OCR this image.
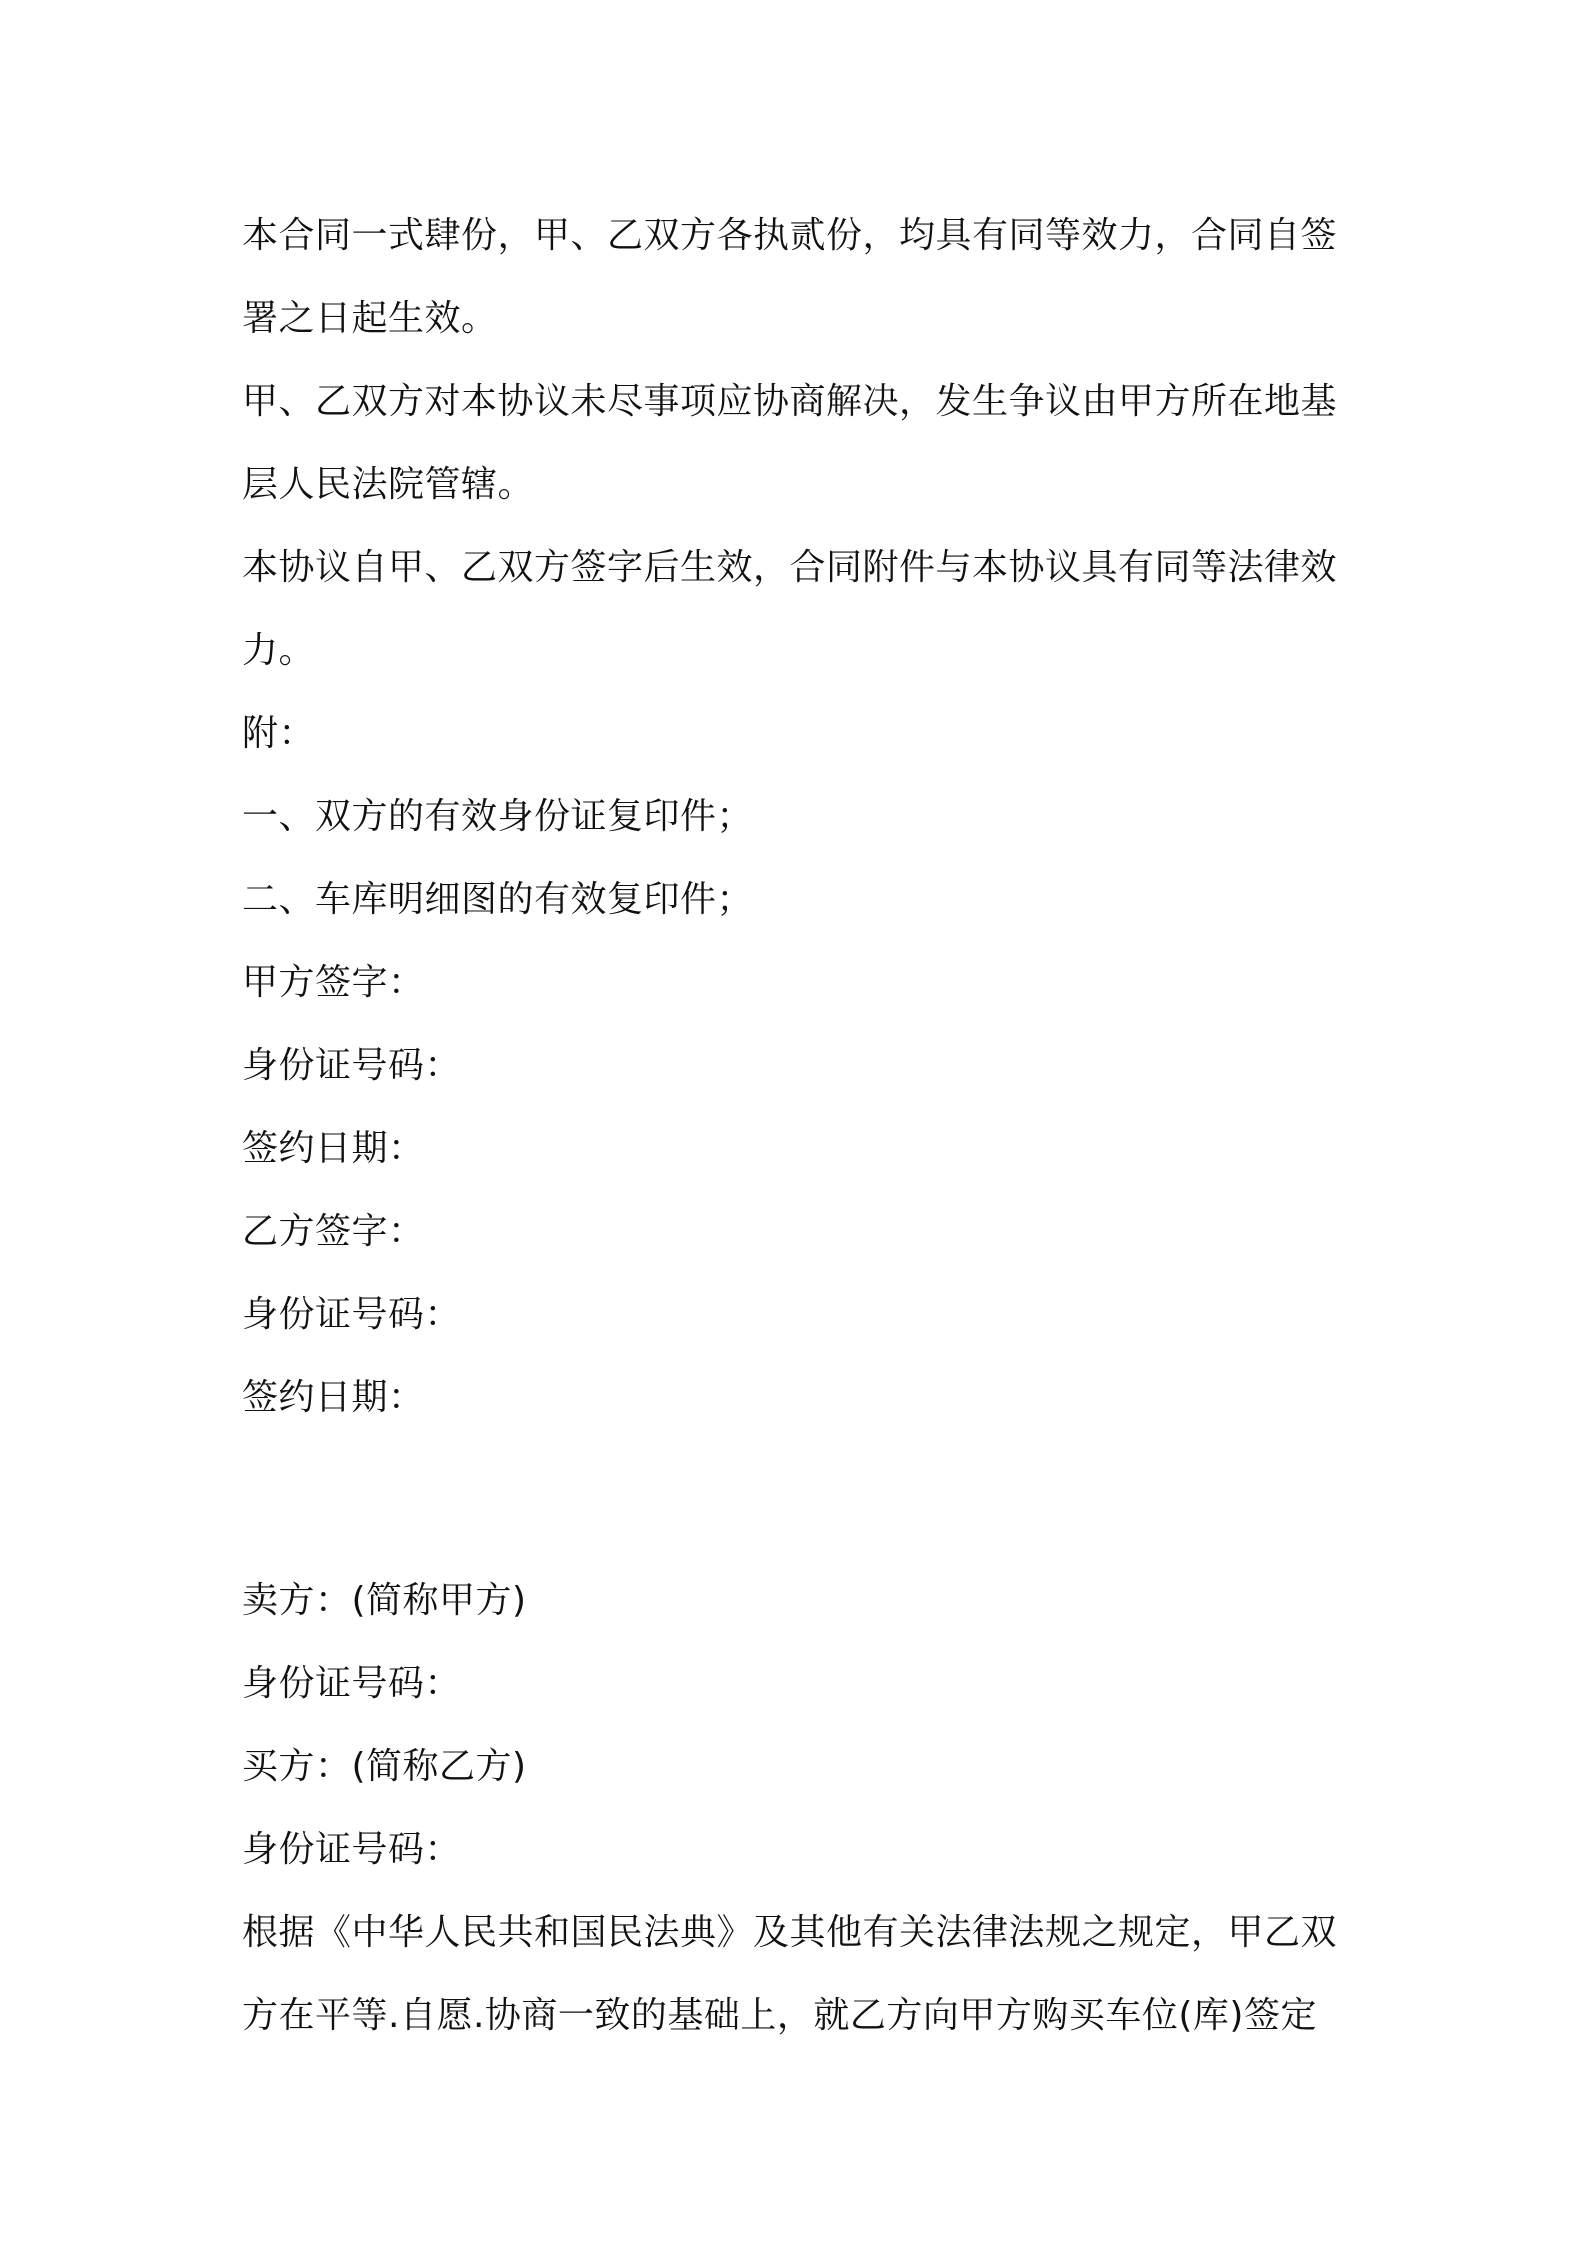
本合同一式肆份，甲、乙双方各执贰份，均具有同等效力，合同自签
署之日起生效。
甲、乙双方对本协议未尽事项应协商解决，发生争议由甲方所在地基
层人民法院管辖。
本协议自甲、乙双方签字后生效，合同附件与本协议具有同等法律效
力。
附：
一、双方的有效身份证复印件；
二、车库明细图的有效复印件；
甲方签字：
身份证号码：
签约日期：
乙方签字：
身份证号码：
签约日期：
卖方：(简称甲方)
身份证号码：
买方：(简称乙方)
身份证号码：
根据《中华人民共和国民法典》及其他有关法律法规之规定，甲乙双
方在平等.自愿.协商一致的基础上，就乙方向甲方购买车位(库)签定
